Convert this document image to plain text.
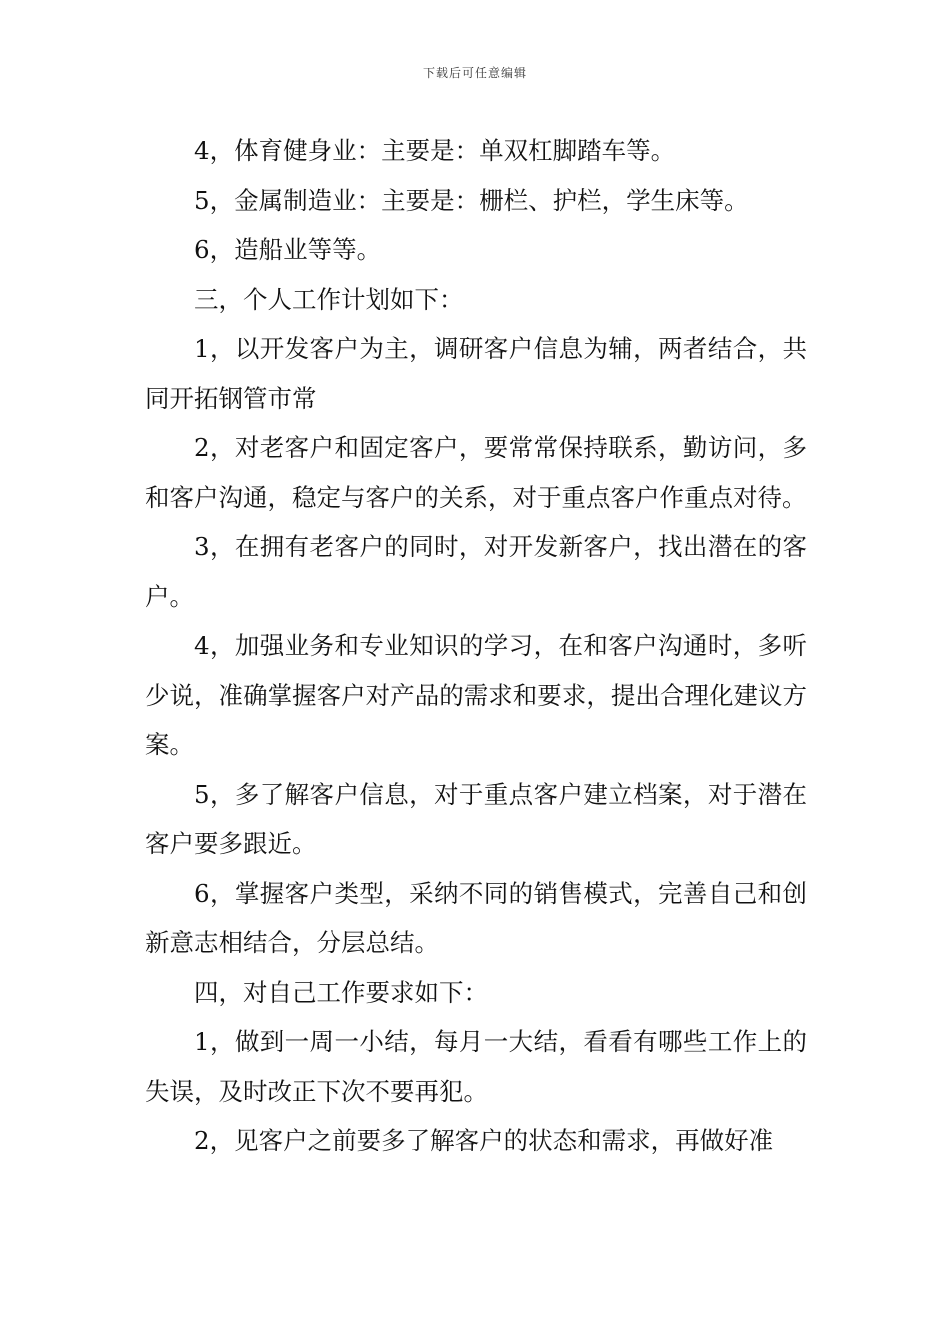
下载后可任意编辑

4，体育健身业：主要是：单双杠脚踏车等。

5，金属制造业：主要是：栅栏、护栏，学生床等。

6，造船业等等。

三，个人工作计划如下：

1，以开发客户为主，调研客户信息为辅，两者结合，共同开拓钢管市常

2，对老客户和固定客户，要常常保持联系，勤访问，多和客户沟通，稳定与客户的关系，对于重点客户作重点对待。

3，在拥有老客户的同时，对开发新客户，找出潜在的客户。

4，加强业务和专业知识的学习，在和客户沟通时，多听少说，准确掌握客户对产品的需求和要求，提出合理化建议方案。

5，多了解客户信息，对于重点客户建立档案，对于潜在客户要多跟近。

6，掌握客户类型，采纳不同的销售模式，完善自己和创新意志相结合，分层总结。

四，对自己工作要求如下：

1，做到一周一小结，每月一大结，看看有哪些工作上的失误，及时改正下次不要再犯。

2，见客户之前要多了解客户的状态和需求，再做好准
